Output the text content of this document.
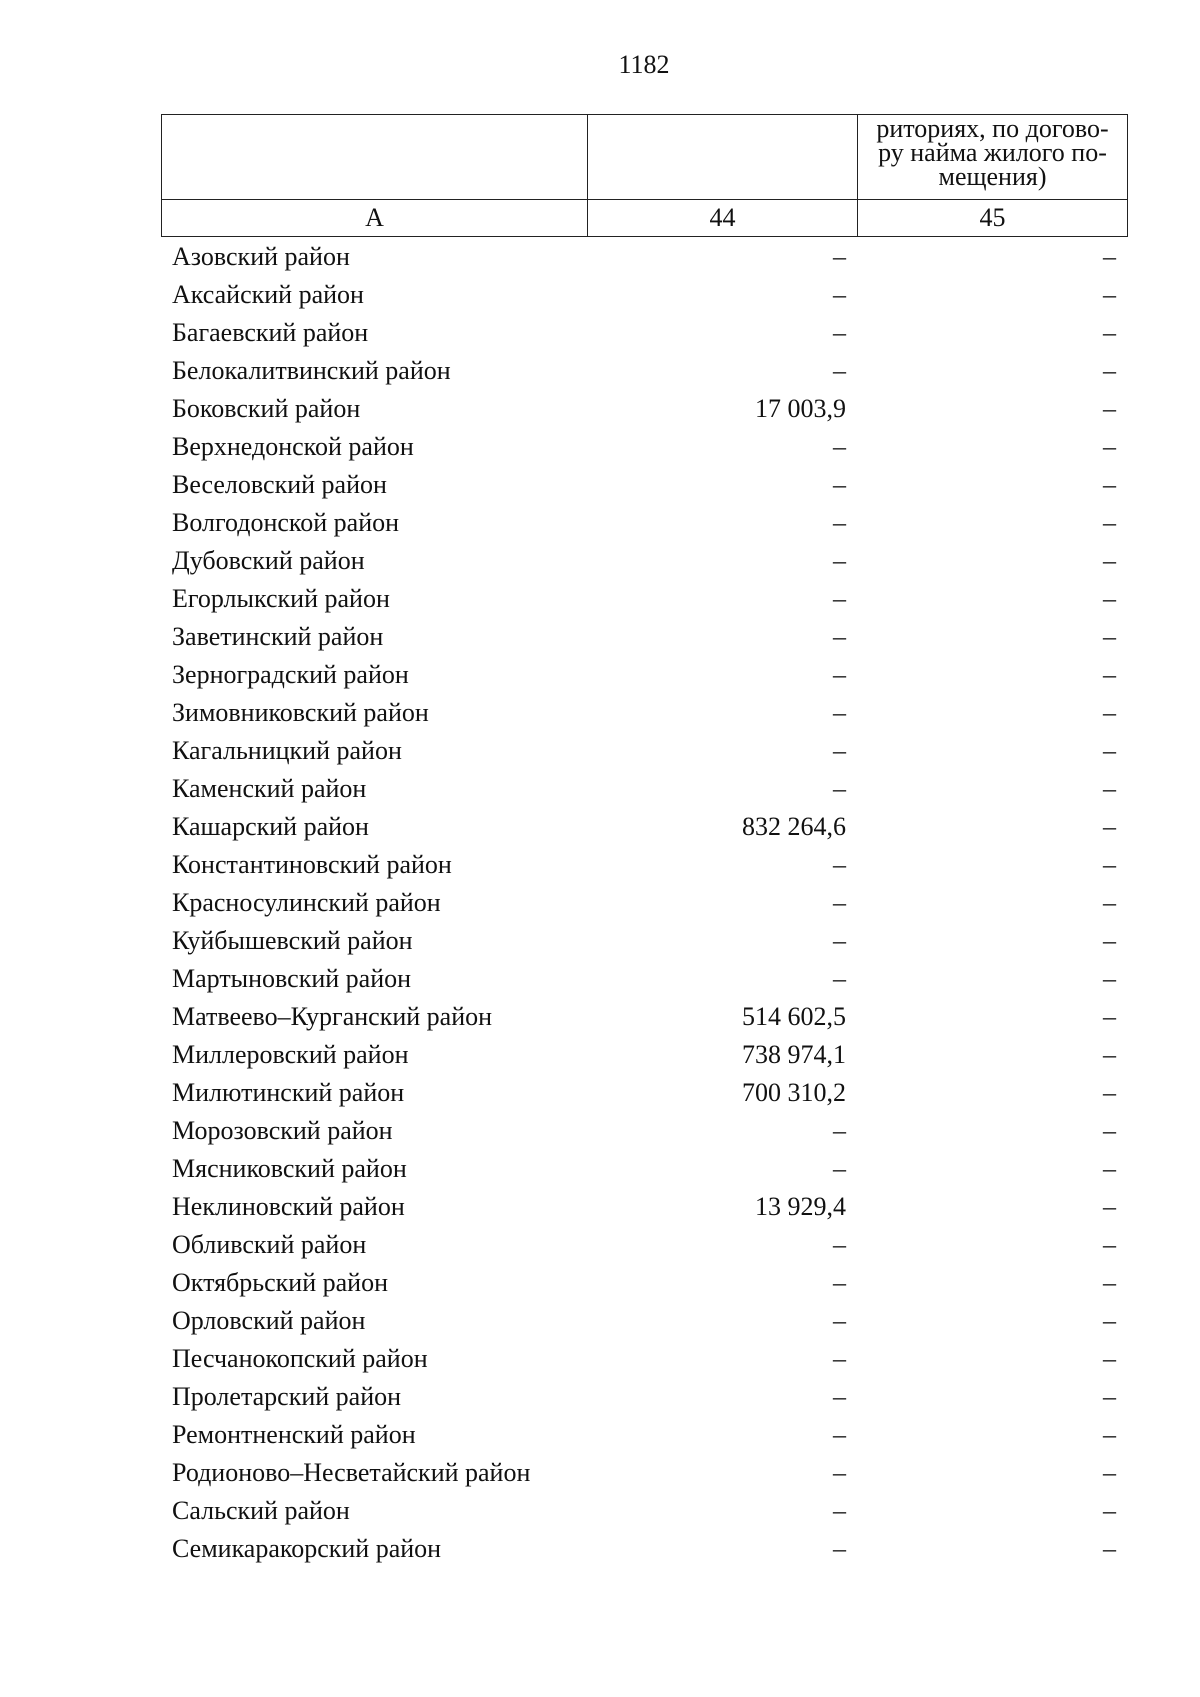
1182

		риториях, по догово-
ру найма жилого по-
мещения)

А	44	45
Азовский район	–	–
Аксайский район	–	–
Багаевский район	–	–
Белокалитвинский район	–	–
Боковский район	17 003,9	–
Верхнедонской район	–	–
Веселовский район	–	–
Волгодонской район	–	–
Дубовский район	–	–
Егорлыкский район	–	–
Заветинский район	–	–
Зерноградский район	–	–
Зимовниковский район	–	–
Кагальницкий район	–	–
Каменский район	–	–
Кашарский район	832 264,6	–
Константиновский район	–	–
Красносулинский район	–	–
Куйбышевский район	–	–
Мартыновский район	–	–
Матвеево–Курганский район	514 602,5	–
Миллеровский район	738 974,1	–
Милютинский район	700 310,2	–
Морозовский район	–	–
Мясниковский район	–	–
Неклиновский район	13 929,4	–
Обливский район	–	–
Октябрьский район	–	–
Орловский район	–	–
Песчанокопский район	–	–
Пролетарский район	–	–
Ремонтненский район	–	–
Родионово–Несветайский район	–	–
Сальский район	–	–
Семикаракорский район	–	–
